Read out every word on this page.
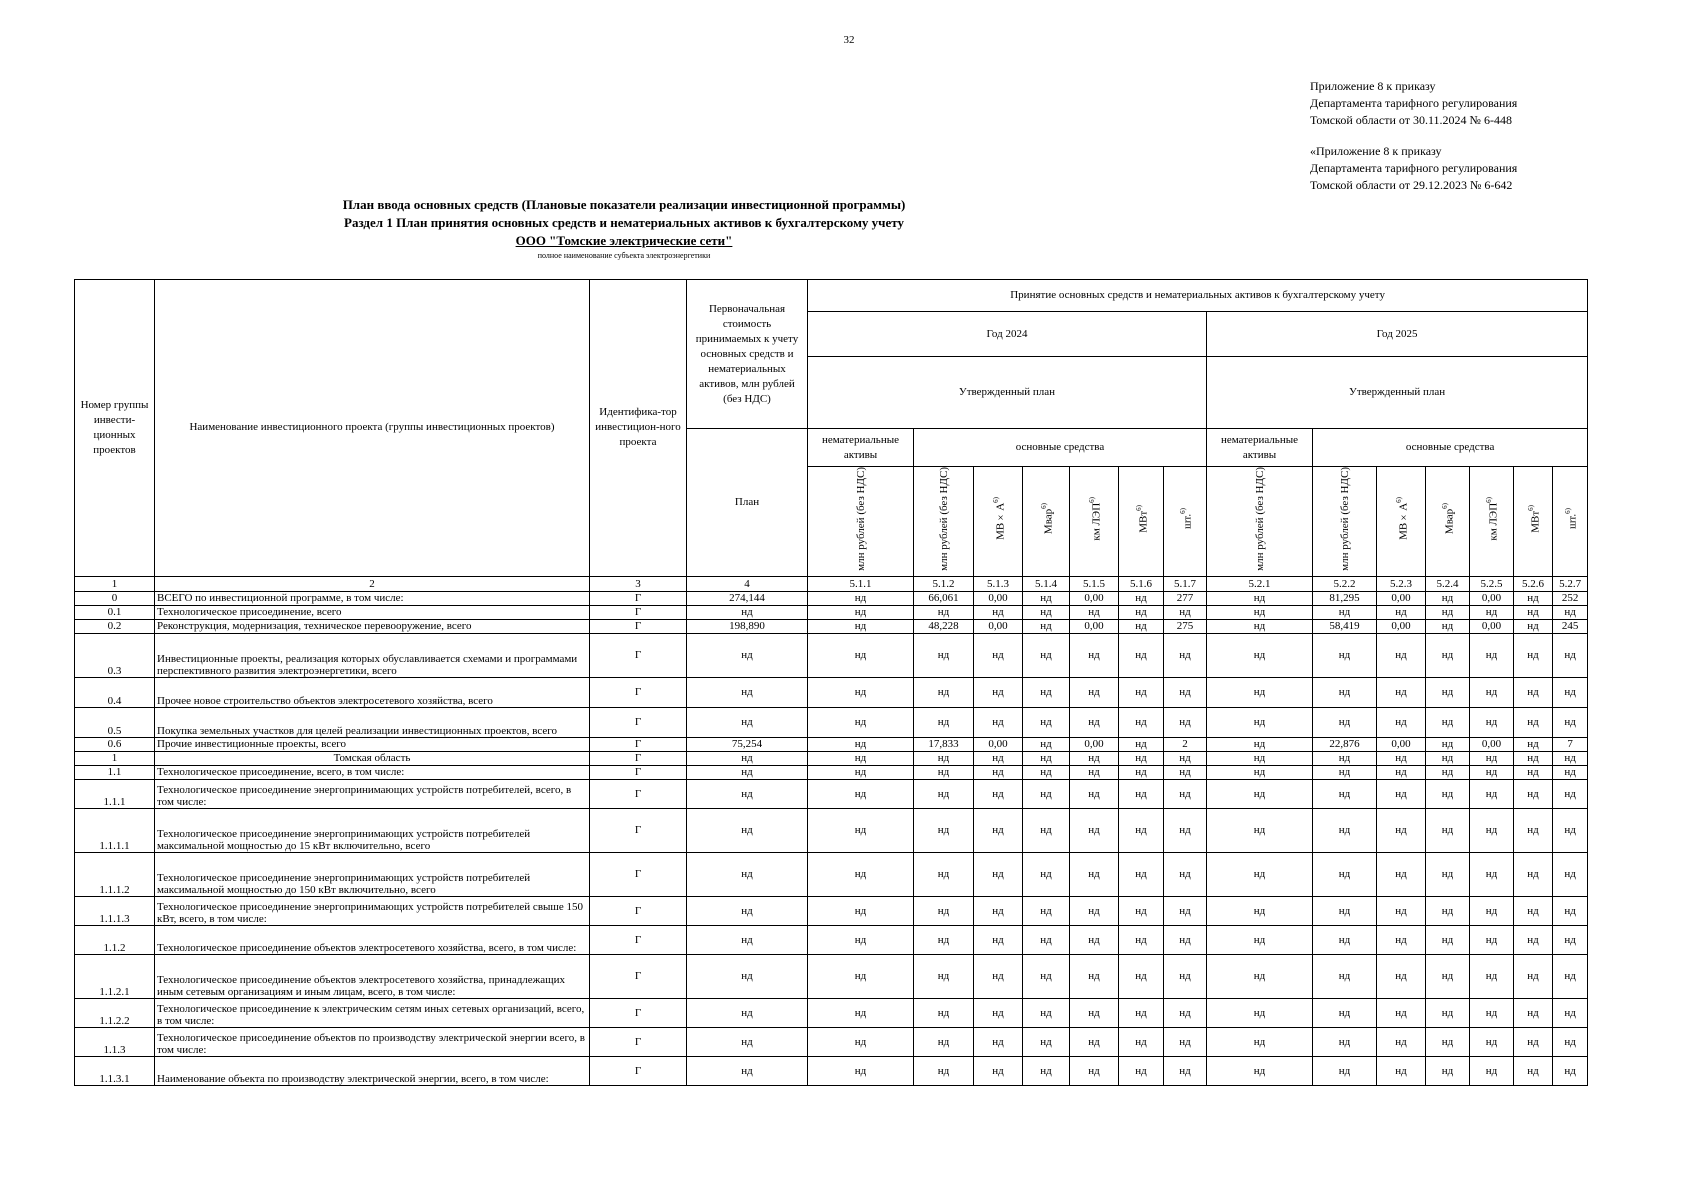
32
Приложение 8 к приказу
Департамента тарифного регулирования
Томской области от 30.11.2024 № 6-448
«Приложение 8 к приказу
Департамента тарифного регулирования
Томской области от 29.12.2023 № 6-642
План ввода основных средств (Плановые показатели реализации инвестиционной программы)
Раздел 1 План принятия основных средств и нематериальных активов к бухгалтерскому учету
ООО "Томские электрические сети"
полное наименование субъекта электроэнергетики
Номер группы инвести-ционных проектов	Наименование инвестиционного проекта (группы инвестиционных проектов)	Идентифика-тор инвестицион-ного проекта	Первоначальная стоимость принимаемых к учету основных средств и нематериальных активов, млн рублей (без НДС)	Принятие основных средств и нематериальных активов к бухгалтерскому учету													
				Год 2024							Год 2025						
				Утвержденный план							Утвержденный план						
			План	нематериальные активы	основные средства						нематериальные активы	основные средства					
				млн рублей (без НДС)	млн рублей (без НДС)	$МВ\times А^{6)}$	Мвар$^{6)}$	км ЛЭП$^{6)}$	МВт$^{6)}$	шт.$^{6)}$	млн рублей (без НДС)	млн рублей (без НДС)	$МВ\times А^{6)}$	Мвар$^{6)}$	км ЛЭП$^{6)}$	МВт$^{6)}$	шт.$^{6)}$
1	2	3	4	5.1.1	5.1.2	5.1.3	5.1.4	5.1.5	5.1.6	5.1.7	5.2.1	5.2.2	5.2.3	5.2.4	5.2.5	5.2.6	5.2.7
0	ВСЕГО по инвестиционной программе, в том числе:	Г	274,144	нд	66,061	0,00	нд	0,00	нд	277	нд	81,295	0,00	нд	0,00	нд	252
0.1	Технологическое присоединение, всего	Г	нд	нд	нд	нд	нд	нд	нд	нд	нд	нд	нд	нд	нд	нд	нд
0.2	Реконструкция, модернизация, техническое перевооружение, всего	Г	198,890	нд	48,228	0,00	нд	0,00	нд	275	нд	58,419	0,00	нд	0,00	нд	245
0.3	Инвестиционные проекты, реализация которых обуславливается схемами и программами перспективного развития электроэнергетики, всего	Г	нд	нд	нд	нд	нд	нд	нд	нд	нд	нд	нд	нд	нд	нд	нд
0.4	Прочее новое строительство объектов электросетевого хозяйства, всего	Г	нд	нд	нд	нд	нд	нд	нд	нд	нд	нд	нд	нд	нд	нд	нд
0.5	Покупка земельных участков для целей реализации инвестиционных проектов, всего	Г	нд	нд	нд	нд	нд	нд	нд	нд	нд	нд	нд	нд	нд	нд	нд
0.6	Прочие инвестиционные проекты, всего	Г	75,254	нд	17,833	0,00	нд	0,00	нд	2	нд	22,876	0,00	нд	0,00	нд	7
1	Томская область	Г	нд	нд	нд	нд	нд	нд	нд	нд	нд	нд	нд	нд	нд	нд	нд
1.1	Технологическое присоединение, всего, в том числе:	Г	нд	нд	нд	нд	нд	нд	нд	нд	нд	нд	нд	нд	нд	нд	нд
1.1.1	Технологическое присоединение энергопринимающих устройств потребителей, всего, в том числе:	Г	нд	нд	нд	нд	нд	нд	нд	нд	нд	нд	нд	нд	нд	нд	нд
1.1.1.1	Технологическое присоединение энергопринимающих устройств потребителей максимальной мощностью до 15 кВт включительно, всего	Г	нд	нд	нд	нд	нд	нд	нд	нд	нд	нд	нд	нд	нд	нд	нд
1.1.1.2	Технологическое присоединение энергопринимающих устройств потребителей максимальной мощностью до 150 кВт включительно, всего	Г	нд	нд	нд	нд	нд	нд	нд	нд	нд	нд	нд	нд	нд	нд	нд
1.1.1.3	Технологическое присоединение энергопринимающих устройств потребителей свыше 150 кВт, всего, в том числе:	Г	нд	нд	нд	нд	нд	нд	нд	нд	нд	нд	нд	нд	нд	нд	нд
1.1.2	Технологическое присоединение объектов электросетевого хозяйства, всего, в том числе:	Г	нд	нд	нд	нд	нд	нд	нд	нд	нд	нд	нд	нд	нд	нд	нд
1.1.2.1	Технологическое присоединение объектов электросетевого хозяйства, принадлежащих иным сетевым организациям и иным лицам, всего, в том числе:	Г	нд	нд	нд	нд	нд	нд	нд	нд	нд	нд	нд	нд	нд	нд	нд
1.1.2.2	Технологическое присоединение к электрическим сетям иных сетевых организаций, всего, в том числе:	Г	нд	нд	нд	нд	нд	нд	нд	нд	нд	нд	нд	нд	нд	нд	нд
1.1.3	Технологическое присоединение объектов по производству электрической энергии всего, в том числе:	Г	нд	нд	нд	нд	нд	нд	нд	нд	нд	нд	нд	нд	нд	нд	нд
1.1.3.1	Наименование объекта по производству электрической энергии, всего, в том числе:	Г	нд	нд	нд	нд	нд	нд	нд	нд	нд	нд	нд	нд	нд	нд	нд
